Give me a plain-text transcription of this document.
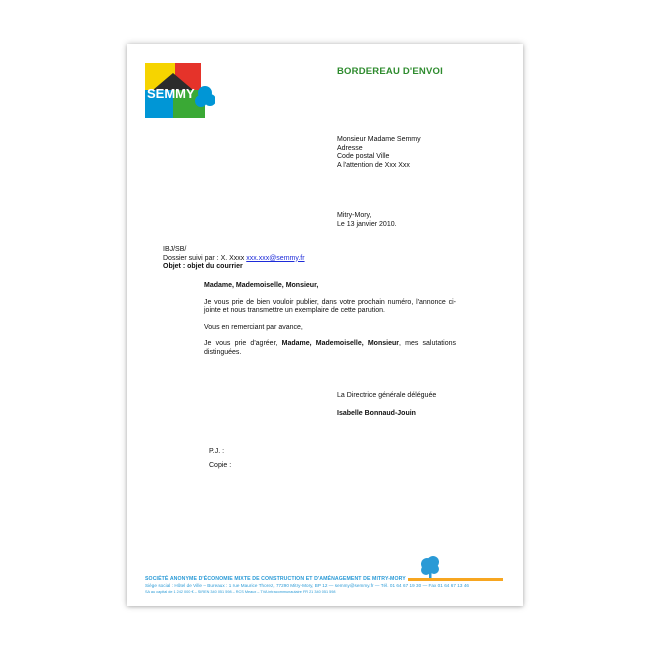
SEMMY
BORDEREAU D'ENVOI
Monsieur Madame Semmy
Adresse
Code postal Ville
A l'attention de Xxx Xxx
Mitry-Mory,
Le 13 janvier 2010.
IBJ/SB/
Dossier suivi par : X. Xxxx xxx.xxx@semmy.fr
Objet : objet du courrier

Madame, Mademoiselle, Monsieur,

Je vous prie de bien vouloir publier, dans votre prochain numéro, l'annonce ci-jointe et nous transmettre un exemplaire de cette parution.

Vous en remerciant par avance,

Je vous prie d'agréer, Madame, Mademoiselle, Monsieur, mes salutations distinguées.

La Directrice générale déléguée
Isabelle Bonnaud-Jouin
P.J. :
Copie :
SOCIÉTÉ ANONYME D'ÉCONOMIE MIXTE DE CONSTRUCTION ET D'AMÉNAGEMENT DE MITRY-MORY
Siège social : Hôtel de Ville – Bureaux : 1 rue Maurice Thorez, 77290 Mitry-Mory, BP 12 — semmy@semmy.fr — Tél. 01 64 67 19 30 — Fax 01 64 67 13 46
SA au capital de 1 242 000 € – SIREN 340 051 598 – RCS Meaux – TVA intracommunautaire FR 21 340 051 598
